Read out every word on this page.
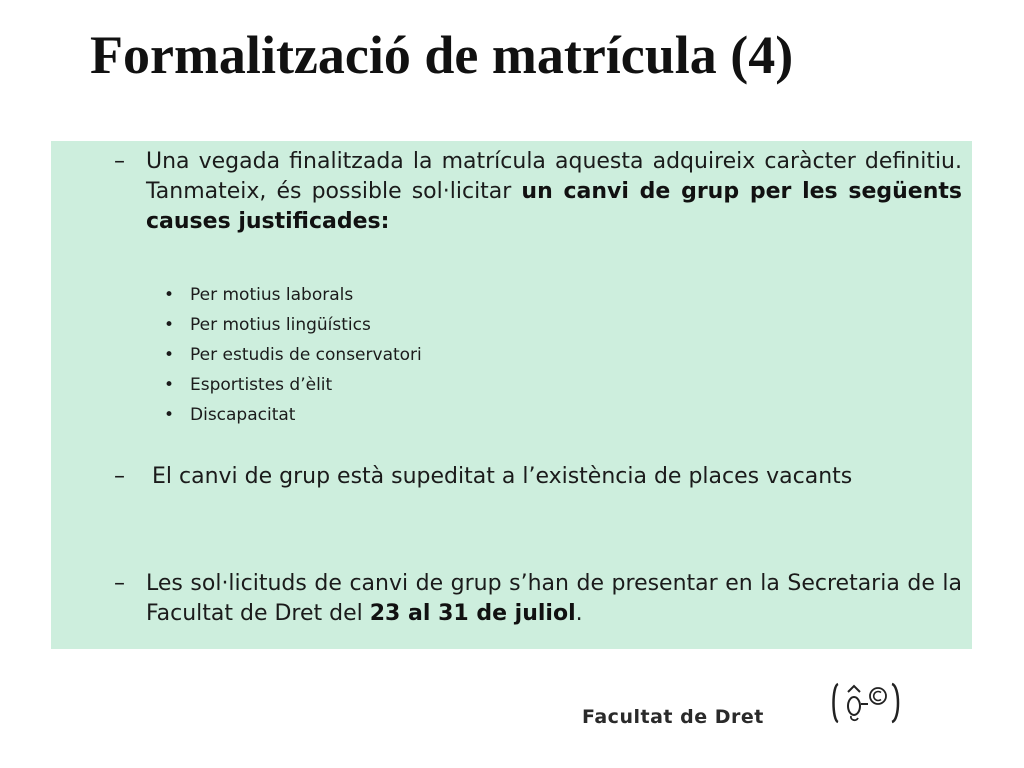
Formalització de matrícula (4)
– Una vegada finalitzada la matrícula aquesta adquireix caràcter definitiu. Tanmateix, és possible sol·licitar un canvi de grup per les següents causes justificades:
• Per motius laborals
• Per motius lingüístics
• Per estudis de conservatori
• Esportistes d’èlit
• Discapacitat
– El canvi de grup està supeditat a l’existència de places vacants
– Les sol·licituds de canvi de grup s’han de presentar en la Secretaria de la Facultat de Dret del 23 al 31 de juliol.
Facultat de Dret
